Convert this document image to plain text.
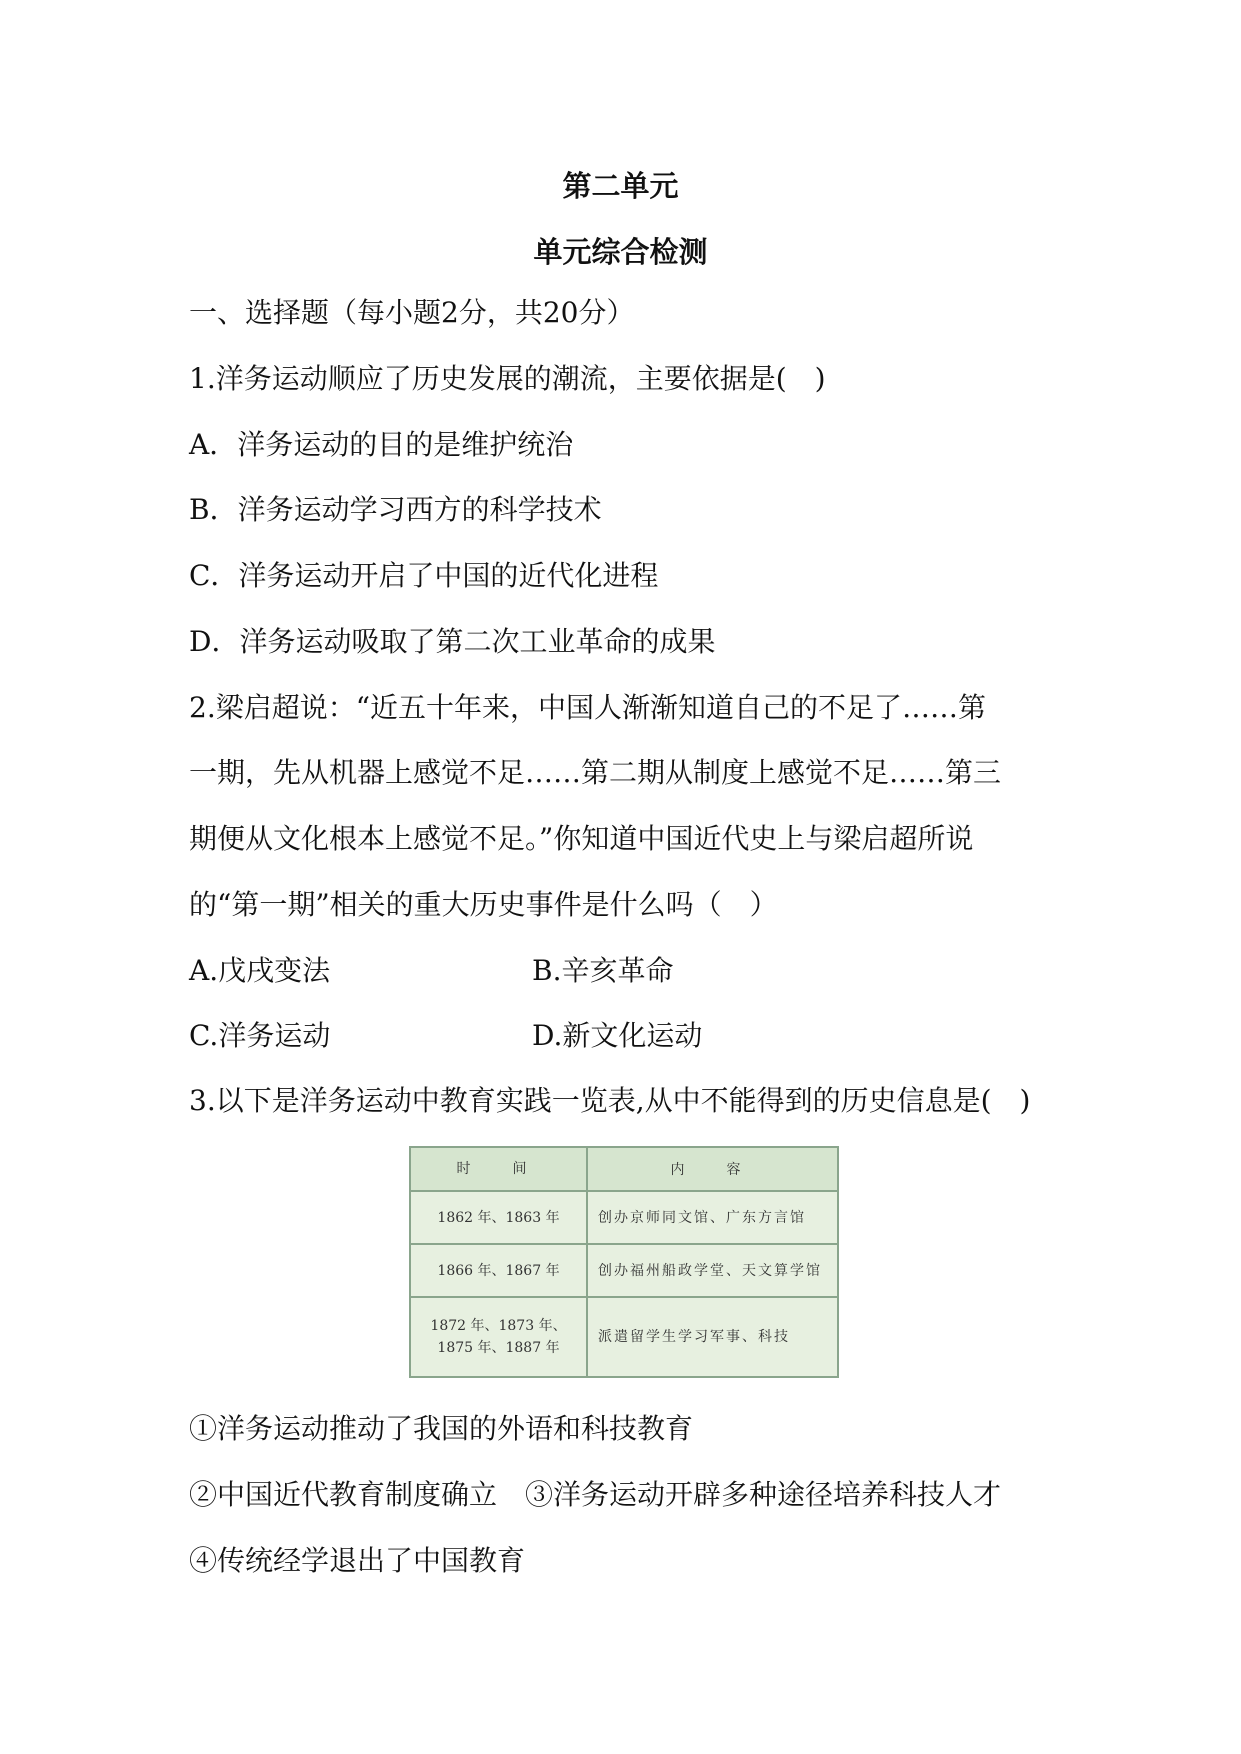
第二单元
单元综合检测
一、选择题（每小题2分，共20分）
1.洋务运动顺应了历史发展的潮流，主要依据是(　)
A．洋务运动的目的是维护统治
B．洋务运动学习西方的科学技术
C．洋务运动开启了中国的近代化进程
D．洋务运动吸取了第二次工业革命的成果
2.梁启超说：“近五十年来，中国人渐渐知道自己的不足了……第
一期，先从机器上感觉不足……第二期从制度上感觉不足……第三
期便从文化根本上感觉不足。”你知道中国近代史上与梁启超所说
的“第一期”相关的重大历史事件是什么吗（　）
A.戊戌变法	B.辛亥革命
C.洋务运动	D.新文化运动
3.以下是洋务运动中教育实践一览表,从中不能得到的历史信息是(　)
时　间	内　容
1862 年、1863 年	创办京师同文馆、广东方言馆
1866 年、1867 年	创办福州船政学堂、天文算学馆
1872 年、1873 年、1875 年、1887 年	派遣留学生学习军事、科技
①洋务运动推动了我国的外语和科技教育
②中国近代教育制度确立　③洋务运动开辟多种途径培养科技人才
④传统经学退出了中国教育
